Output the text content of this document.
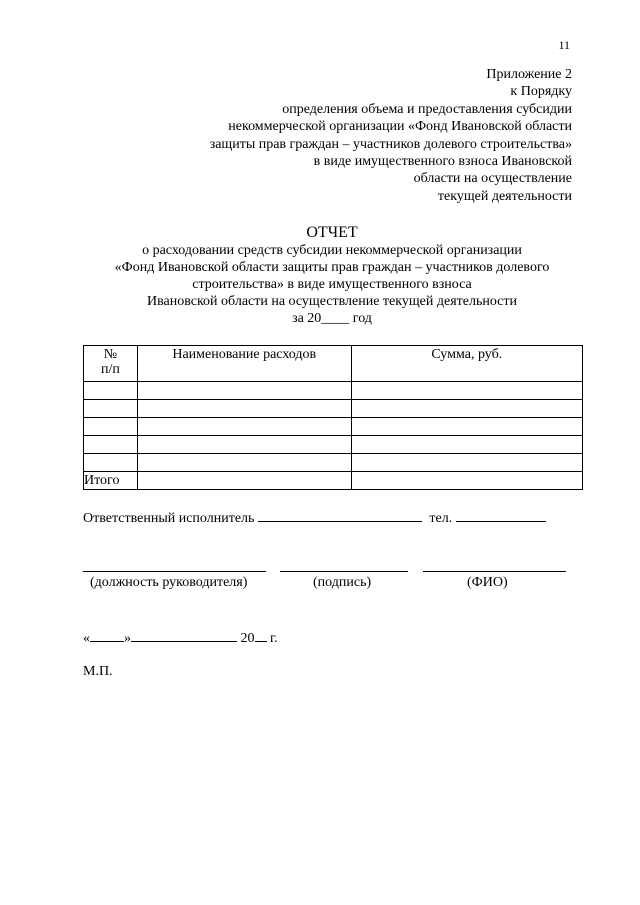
11
Приложение 2
к Порядку
определения объема и предоставления субсидии
некоммерческой организации «Фонд Ивановской области
защиты прав граждан – участников долевого строительства»
в виде имущественного взноса Ивановской
области на осуществление
текущей деятельности
ОТЧЕТ
о расходовании средств субсидии некоммерческой организации
«Фонд Ивановской области защиты прав граждан – участников долевого
строительства» в виде имущественного взноса
Ивановской области на осуществление текущей деятельности
за 20____ год
№
п/п	Наименование расходов	Сумма, руб.

Итого		
Ответственный исполнитель	тел.
(должность руководителя)	(подпись)	(ФИО)
« »	20 г.
М.П.
